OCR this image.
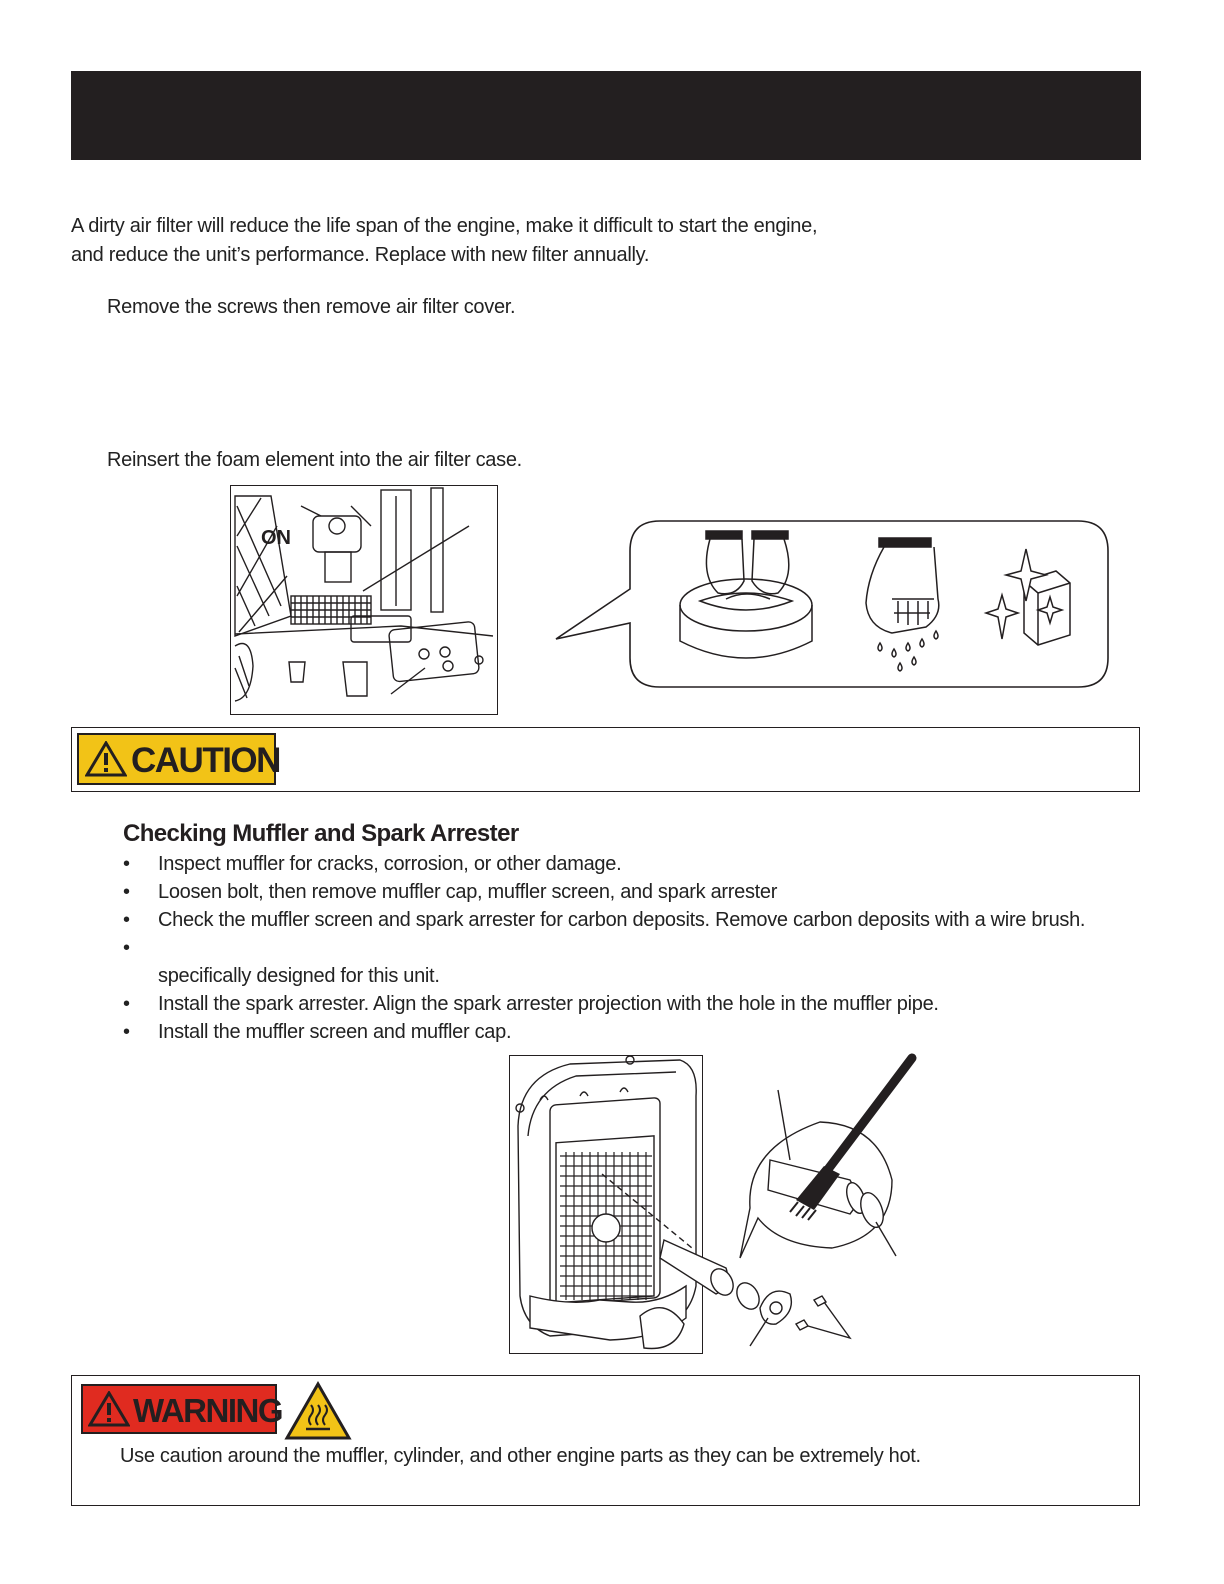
A dirty air filter will reduce the life span of the engine, make it difficult to start the engine, and reduce the unit’s performance. Replace with new filter annually.
Remove the screws then remove air filter cover.
Reinsert the foam element into the air filter case.
ON
CAUTION
Checking Muffler and Spark Arrester
• Inspect muffler for cracks, corrosion, or other damage.
• Loosen bolt, then remove muffler cap, muffler screen, and spark arrester
• Check the muffler screen and spark arrester for carbon deposits. Remove carbon deposits with a wire brush.
•
specifically designed for this unit.
• Install the spark arrester. Align the spark arrester projection with the hole in the muffler pipe.
• Install the muffler screen and muffler cap.
WARNING
Use caution around the muffler, cylinder, and other engine parts as they can be extremely hot.
